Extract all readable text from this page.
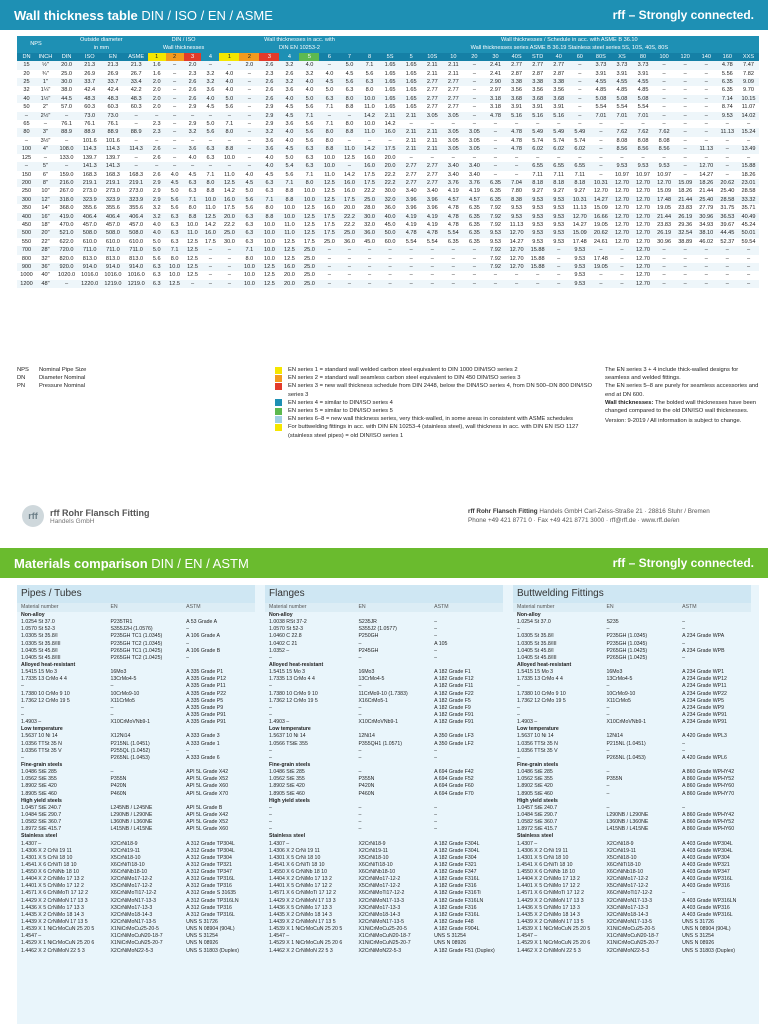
Wall thickness table DIN / ISO / EN / ASME	rff – Strongly connected.
NPS		Outside diameter
in mm				DIN / ISO
Wall thicknesses				Wall thicknesses in acc. with
DIN EN 10253-2								Wall thicknesses / Schedule in acc. with ASME B 36.10
Wall thicknesses series ASME B 36.19 Stainless steel series 5S, 10S, 40S, 80S																	

DN	INCH	DIN	ISO	EN	ASME	1	2	3	4	1	2	3	4	5	6	7	8	5S	5	10S	10	20	30	40S	STD	40	60	80S	XS	80	100	120	140	160	XXS
15	½"	20.0	21.3	21.3	21.3	1.6	–	2.0	–	–	2.0	2.6	3.2	4.0	–	5.0	7.1	1.65	1.65	2.11	2.11	–	2.41	2.77	2.77	2.77	–	3.73	3.73	3.73	–	–	–	4.78	7.47
20	¾"	25.0	26.9	26.9	26.7	1.6	–	2.3	3.2	4.0	–	2.3	2.6	3.2	4.0	4.5	5.6	1.65	1.65	2.11	2.11	–	2.41	2.87	2.87	2.87	–	3.91	3.91	3.91	–	–	–	5.56	7.82
25	1"	30.0	33.7	33.7	33.4	2.0	–	2.6	3.2	4.0	–	2.6	3.2	4.0	4.5	5.6	6.3	1.65	1.65	2.77	2.77	–	2.90	3.38	3.38	3.38	–	4.55	4.55	4.55	–	–	–	6.35	9.09
32	1¼"	38.0	42.4	42.4	42.2	2.0	–	2.6	3.6	4.0	–	2.6	3.6	4.0	5.0	6.3	8.0	1.65	1.65	2.77	2.77	–	2.97	3.56	3.56	3.56	–	4.85	4.85	4.85	–	–	–	6.35	9.70
40	1½"	44.5	48.3	48.3	48.3	2.0	–	2.6	4.0	5.0	–	2.6	4.0	5.0	6.3	8.0	10.0	1.65	1.65	2.77	2.77	–	3.18	3.68	3.68	3.68	–	5.08	5.08	5.08	–	–	–	7.14	10.15
50	2"	57.0	60.3	60.3	60.3	2.0	–	2.9	4.5	5.6	–	2.9	4.5	5.6	7.1	8.8	11.0	1.65	1.65	2.77	2.77	–	3.18	3.91	3.91	3.91	–	5.54	5.54	5.54	–	–	–	8.74	11.07
–	2½"	–	73.0	73.0	–	–	–	–	–	–	–	2.9	4.5	7.1	–	–	14.2	2.11	2.11	3.05	3.05	–	4.78	5.16	5.16	5.16	–	7.01	7.01	7.01	–	–	–	9.53	14.02
65	–	76.1	76.1	76.1	–	2.3	–	2.9	5.0	7.1	–	2.9	3.6	5.6	7.1	8.0	10.0	14.2	–	–	–	–	–	–	–	–	–	–	–	–	–	–	–	–	–
80	3"	88.9	88.9	88.9	88.9	2.3	–	3.2	5.6	8.0	–	3.2	4.0	5.6	8.0	8.8	11.0	16.0	2.11	2.11	3.05	3.05	–	4.78	5.49	5.49	5.49	–	7.62	7.62	7.62	–	–	11.13	15.24
–	3½"	–	101.6	101.6	–	–	–	–	–	–	–	3.6	4.0	5.6	8.0	–	–	–	2.11	2.11	3.05	3.05	–	4.78	5.74	5.74	5.74	–	8.08	8.08	8.08	–	–	–	–
100	4"	108.0	114.3	114.3	114.3	2.6	–	3.6	6.3	8.8	–	3.6	4.5	6.3	8.8	11.0	14.2	17.5	2.11	2.11	3.05	3.05	–	4.78	6.02	6.02	6.02	–	8.56	8.56	8.56	–	11.13	–	13.49
125	–	133.0	139.7	139.7	–	2.6	–	4.0	6.3	10.0	–	4.0	5.0	6.3	10.0	12.5	16.0	20.0	–	–	–	–	–	–	–	–	–	–	–	–	–	–	–	–	–
–	5"	–	141.3	141.3	–	–	–	–	–	–	–	4.0	5.4	6.3	10.0	–	16.0	20.0	2.77	2.77	3.40	3.40	–	–	6.55	6.55	6.55	–	9.53	9.53	9.53	–	12.70	–	15.88
150	6"	159.0	168.3	168.3	168.3	2.6	4.0	4.5	7.1	11.0	4.0	4.5	5.6	7.1	11.0	14.2	17.5	22.2	2.77	2.77	3.40	3.40	–	–	7.11	7.11	7.11	–	10.97	10.97	10.97	–	14.27	–	18.26
200	8"	216.0	219.1	219.1	219.1	2.9	4.5	6.3	8.0	12.5	4.5	6.3	7.1	8.0	12.5	16.0	17.5	22.2	2.77	2.77	3.76	3.76	6.35	7.04	8.18	8.18	8.18	10.31	12.70	12.70	12.70	15.09	18.26	20.62	23.01
250	10"	267.0	273.0	273.0	273.0	2.9	5.0	6.3	8.8	14.2	5.0	6.3	8.8	10.0	12.5	16.0	22.2	30.0	3.40	3.40	4.19	4.19	6.35	7.80	9.27	9.27	9.27	12.70	12.70	12.70	15.09	18.26	21.44	25.40	28.58
300	12"	318.0	323.9	323.9	323.9	2.9	5.6	7.1	10.0	16.0	5.6	7.1	8.8	10.0	12.5	17.5	25.0	32.0	3.96	3.96	4.57	4.57	6.35	8.38	9.53	9.53	10.31	14.27	12.70	12.70	17.48	21.44	25.40	28.58	33.32
350	14"	368.0	355.6	355.6	355.6	3.2	5.6	8.0	11.0	17.5	5.6	8.0	10.0	12.5	16.0	20.0	28.0	36.0	3.96	3.96	4.78	6.35	7.92	9.53	9.53	9.53	11.13	15.09	12.70	12.70	19.05	23.83	27.79	31.75	35.71
400	16"	419.0	406.4	406.4	406.4	3.2	6.3	8.8	12.5	20.0	6.3	8.8	10.0	12.5	17.5	22.2	30.0	40.0	4.19	4.19	4.78	6.35	7.92	9.53	9.53	9.53	12.70	16.66	12.70	12.70	21.44	26.19	30.96	36.53	40.49
450	18"	470.0	457.0	457.0	457.0	4.0	6.3	10.0	14.2	22.2	6.3	10.0	11.0	12.5	17.5	22.2	32.0	45.0	4.19	4.19	4.78	6.35	7.92	11.13	9.53	9.53	14.27	19.05	12.70	12.70	23.83	29.36	34.93	39.67	45.24
500	20"	521.0	508.0	508.0	508.0	4.0	6.3	11.0	16.0	25.0	6.3	10.0	11.0	12.5	17.5	25.0	36.0	50.0	4.78	4.78	5.54	6.35	9.53	12.70	9.53	9.53	15.09	20.62	12.70	12.70	26.19	32.54	38.10	44.45	50.01
550	22"	622.0	610.0	610.0	610.0	5.0	6.3	12.5	17.5	30.0	6.3	10.0	12.5	17.5	25.0	36.0	45.0	60.0	5.54	5.54	6.35	6.35	9.53	14.27	9.53	9.53	17.48	24.61	12.70	12.70	30.96	38.89	46.02	52.37	59.54
700	28"	720.0	711.0	711.0	711.0	5.0	7.1	12.5	–	–	7.1	10.0	12.5	25.0	–	–	–	–	–	–	–	–	7.92	12.70	15.88	–	9.53	–	–	12.70	–	–	–	–	–
800	32"	820.0	813.0	813.0	813.0	5.6	8.0	12.5	–	–	8.0	10.0	12.5	25.0	–	–	–	–	–	–	–	–	7.92	12.70	15.88	–	9.53	17.48	–	12.70	–	–	–	–	–
900	36"	920.0	914.0	914.0	914.0	6.3	10.0	12.5	–	–	10.0	12.5	16.0	25.0	–	–	–	–	–	–	–	–	7.92	12.70	15.88	–	9.53	19.05	–	12.70	–	–	–	–	–
1000	40"	1020.0	1016.0	1016.0	1016.0	6.3	10.0	12.5	–	–	10.0	12.5	20.0	25.0	–	–	–	–	–	–	–	–	–	–	–	–	9.53	–	–	12.70	–	–	–	–	–
1200	48"	–	1220.0	1219.0	1219.0	6.3	12.5	–	–	–	10.0	12.5	20.0	25.0	–	–	–	–	–	–	–	–	–	–	–	–	9.53	–	–	12.70	–	–	–	–	–
NPS Nominal Pipe Size
DN Diameter Nominal
PN Pressure Nominal
EN series 1 = standard wall welded carbon steel equivalent to DIN 1000 DIN/ISO series 2
EN series 2 = standard wall seamless carbon steel equivalent to DIN 450 DIN/ISO series 3
EN series 3 = new wall thickness schedule from DIN 2448, below the DIN/ISO series 4, from DN 500–DN 800 DIN/ISO series 3
EN series 4 = similar to DIN/ISO series 4
EN series 5 = similar to DIN/ISO series 5
EN series 6–8 = new wall thickness series, very thick-walled, in some areas in consistent with ASME schedules
For buttwelding fittings in acc. with DIN EN 10253-4 (stainless steel), wall thickness in acc. with DIN EN ISO 1127 (stainless steel pipes) = old DIN/ISO series 1
The EN series 3 + 4 include thick-walled designs for seamless and welded fittings.
The EN series 5–8 are purely for seamless accessories and end at DN 600.
Wall thicknesses: The bolded wall thicknesses have been changed compared to the old DIN/ISO wall thicknesses.
Version: 9-2019 / All information is subject to change.
rff	rff Rohr Flansch Fitting
Handels GmbH
rff Rohr Flansch Fitting Handels GmbH Carl-Zeiss-Straße 21 · 28816 Stuhr / Bremen
Phone +49 421 8771 0 · Fax +49 421 8771 3000 · rff@rff.de · www.rff.de/en
Materials comparison DIN / EN / ASTM	rff – Strongly connected.
Pipes / Tubes
Material number	EN	ASTM
Non-alloy
1.0254 St 37.0	P235TR1	A 53 Grade A
1.0570 St 52-3	S355J2H (1.0576)	–
1.0305 St 35.8/I	P235GH TC1 (1.0345)	A 106 Grade A
1.0305 St 35.8/III	P235GH TC2 (1.0345)	–
1.0405 St 45.8/I	P265GH TC1 (1.0425)	A 106 Grade B
1.0405 St 45.8/III	P265GH TC2 (1.0425)	–
Alloyed heat-resistant
1.5415 15 Mo 3	16Mo3	A 335 Grade P1
1.7335 13 CrMo 4 4	13CrMo4-5	A 335 Grade P12
–	–	A 335 Grade P11
1.7380 10 CrMo 9 10	10CrMo9-10	A 335 Grade P22
1.7362 12 CrMo 19 5	X11CrMo5	A 335 Grade P5
–	–	A 335 Grade P9
–	–	A 335 Grade P91
1.4903 –	X10CrMoVNb9-1	A 335 Grade P91
Low temperature
1.5637 10 Ni 14	X12Ni14	A 333 Grade 3
1.0356 TTSt 35 N	P215NL (1.0451)	A 333 Grade 1
1.0356 TTSt 35 V	P255QL (1.0452)	–
–	P265NL (1.0453)	A 333 Grade 6
Fine-grain steels
1.0486 StE 285	–	API 5L Grade X42
1.0562 StE 355	P355N	API 5L Grade X52
1.8902 StE 420	P420N	API 5L Grade X60
1.8905 StE 460	P460N	API 5L Grade X70
High yield steels
1.0457 StE 240.7	L245NB / L245NE	API 5L Grade B
1.0484 StE 290.7	L290NB / L290NE	API 5L Grade X42
1.0582 StE 360.7	L360NB / L360NE	API 5L Grade X52
1.8972 StE 415.7	L415NB / L415NE	API 5L Grade X60
Stainless steel
1.4307 –	X2CrNi18-9	A 312 Grade TP304L
1.4306 X 2 CrNi 19 11	X2CrNi19-11	A 312 Grade TP304L
1.4301 X 5 CrNi 18 10	X5CrNi18-10	A 312 Grade TP304
1.4541 X 6 CrNiTi 18 10	X6CrNiTi18-10	A 312 Grade TP321
1.4550 X 6 CrNiNb 18 10	X6CrNiNb18-10	A 312 Grade TP347
1.4404 X 2 CrNiMo 17 13 2	X2CrNiMo17-12-2	A 312 Grade TP316L
1.4401 X 5 CrNiMo 17 12 2	X5CrNiMo17-12-2	A 312 Grade TP316
1.4571 X 6 CrNiMoTi 17 12 2	X6CrNiMoTi17-12-2	A 312 Grade S 31635
1.4429 X 2 CrNiMoN 17 13 3	X2CrNiMoN17-13-3	A 312 Grade TP316LN
1.4436 X 5 CrNiMo 17 13 3	X3CrNiMo17-13-3	A 312 Grade TP316
1.4435 X 2 CrNiMo 18 14 3	X2CrNiMo18-14-3	A 312 Grade TP316L
1.4439 X 2 CrNiMoN 17 13 5	X2CrNiMoN17-13-5	UNS S 31726
1.4539 X 1 NiCrMoCuN 25 20 5	X1NiCrMoCu25-20-5	UNS N 08904 (904L)
1.4547 –	X1CrNiMoCuN20-18-7	UNS S 31254
1.4529 X 1 NiCrMoCuN 25 20 6	X1NiCrMoCuN25-20-7	UNS N 08926
1.4462 X 2 CrNiMoN 22 5 3	X2CrNiMoN22-5-3	UNS S 31803 (Duplex)
Flanges
Material number	EN	ASTM
Non-alloy
1.0038 RSt 37-2	S235JR	–
1.0570 St 52-3	S355J2 (1.0577)	–
1.0460 C 22.8	P250GH	–
1.0402 C 21	–	A 105
1.0352 –	P245GH	–
–	–	–
Alloyed heat-resistant
1.5415 15 Mo 3	16Mo3	A 182 Grade F1
1.7335 13 CrMo 4 4	13CrMo4-5	A 182 Grade F12
–	–	A 182 Grade F11
1.7380 10 CrMo 9 10	11CrMo9-10 (1.7383)	A 182 Grade F22
1.7362 12 CrMo 19 5	X16CrMo5-1	A 182 Grade F5
–	–	A 182 Grade F9
–	–	A 182 Grade F91
1.4903 –	X10CrMoVNb9-1	A 182 Grade F91
Low temperature
1.5637 10 Ni 14	12Ni14	A 350 Grade LF3
1.0566 TStE 355	P355QH1 (1.0571)	A 350 Grade LF2
–	–	–
–	–	–
Fine-grain steels
1.0486 StE 285	–	A 694 Grade F42
1.0562 StE 355	P355N	A 694 Grade F52
1.8902 StE 420	P420N	A 694 Grade F60
1.8905 StE 460	P460N	A 694 Grade F70
High yield steels
–	–	–
–	–	–
–	–	–
–	–	–
Stainless steel
1.4307 –	X2CrNi18-9	A 182 Grade F304L
1.4306 X 2 CrNi 19 11	X2CrNi19-11	A 182 Grade F304L
1.4301 X 5 CrNi 18 10	X5CrNi18-10	A 182 Grade F304
1.4541 X 6 CrNiTi 18 10	X6CrNiTi18-10	A 182 Grade F321
1.4550 X 6 CrNiNb 18 10	X6CrNiNb18-10	A 182 Grade F347
1.4404 X 2 CrNiMo 17 13 2	X2CrNiMo17-12-2	A 182 Grade F316L
1.4401 X 5 CrNiMo 17 12 2	X5CrNiMo17-12-2	A 182 Grade F316
1.4571 X 6 CrNiMoTi 17 12 2	X6CrNiMoTi17-12-2	A 182 Grade F316Ti
1.4429 X 2 CrNiMoN 17 13 3	X2CrNiMoN17-13-3	A 182 Grade F316LN
1.4436 X 5 CrNiMo 17 13 3	X3CrNiMo17-13-3	A 182 Grade F316
1.4435 X 2 CrNiMo 18 14 3	X2CrNiMo18-14-3	A 182 Grade F316L
1.4439 X 2 CrNiMoN 17 13 5	X2CrNiMoN17-13-5	A 182 Grade F48
1.4539 X 1 NiCrMoCuN 25 20 5	X1NiCrMoCu25-20-5	A 182 Grade F904L
1.4547 –	X1CrNiMoCuN20-18-7	UNS S 31254
1.4529 X 1 NiCrMoCuN 25 20 6	X1NiCrMoCuN25-20-7	UNS N 08926
1.4462 X 2 CrNiMoN 22 5 3	X2CrNiMoN22-5-3	A 182 Grade F51 (Duplex)
Buttwelding Fittings
Material number	EN	ASTM
Non-alloy
1.0254 St 37.0	S235	–
–	–	–
1.0305 St 35.8/I	P235GH (1.0345)	A 234 Grade WPA
1.0305 St 35.8/III	P235GH (1.0345)	–
1.0405 St 45.8/I	P265GH (1.0425)	A 234 Grade WPB
1.0405 St 45.8/III	P265GH (1.0425)	–
Alloyed heat-resistant
1.5415 15 Mo 3	16Mo3	A 234 Grade WP1
1.7335 13 CrMo 4 4	13CrMo4-5	A 234 Grade WP12
–	–	A 234 Grade WP11
1.7380 10 CrMo 9 10	10CrMo9-10	A 234 Grade WP22
1.7362 12 CrMo 19 5	X11CrMo5	A 234 Grade WP5
–	–	A 234 Grade WP9
–	–	A 234 Grade WP91
1.4903 –	X10CrMoVNb9-1	A 234 Grade WP91
Low temperature
1.5637 10 Ni 14	12Ni14	A 420 Grade WPL3
1.0356 TTSt 35 N	P215NL (1.0451)	–
1.0356 TTSt 35 V	–	–
–	P265NL (1.0453)	A 420 Grade WPL6
Fine-grain steels
1.0486 StE 285	–	A 860 Grade WPHY42
1.0562 StE 355	P355N	A 860 Grade WPHY52
1.8902 StE 420	–	A 860 Grade WPHY60
1.8905 StE 460	–	A 860 Grade WPHY70
High yield steels
1.0457 StE 240.7	–	–
1.0484 StE 290.7	L290NB / L290NE	A 860 Grade WPHY42
1.0582 StE 360.7	L360NB / L360NE	A 860 Grade WPHY52
1.8972 StE 415.7	L415NB / L415NE	A 860 Grade WPHY60
Stainless steel
1.4307 –	X2CrNi18-9	A 403 Grade WP304L
1.4306 X 2 CrNi 19 11	X2CrNi19-11	A 403 Grade WP304L
1.4301 X 5 CrNi 18 10	X5CrNi18-10	A 403 Grade WP304
1.4541 X 6 CrNiTi 18 10	X6CrNiTi18-10	A 403 Grade WP321
1.4550 X 6 CrNiNb 18 10	X6CrNiNb18-10	A 403 Grade WP347
1.4404 X 2 CrNiMo 17 13 2	X2CrNiMo17-12-2	A 403 Grade WP316L
1.4401 X 5 CrNiMo 17 12 2	X5CrNiMo17-12-2	A 403 Grade WP316
1.4571 X 6 CrNiMoTi 17 12 2	X6CrNiMoTi17-12-2	–
1.4429 X 2 CrNiMoN 17 13 3	X2CrNiMoN17-13-3	A 403 Grade WP316LN
1.4436 X 5 CrNiMo 17 13 3	X3CrNiMo17-13-3	A 403 Grade WP316
1.4435 X 2 CrNiMo 18 14 3	X2CrNiMo18-14-3	A 403 Grade WP316L
1.4439 X 2 CrNiMoN 17 13 5	X2CrNiMoN17-13-5	UNS S 31726
1.4539 X 1 NiCrMoCuN 25 20 5	X1NiCrMoCu25-20-5	UNS N 08904 (904L)
1.4547 –	X1CrNiMoCuN20-18-7	UNS S 31254
1.4529 X 1 NiCrMoCuN 25 20 6	X1NiCrMoCuN25-20-7	UNS N 08926
1.4462 X 2 CrNiMoN 22 5 3	X2CrNiMoN22-5-3	UNS S 31803 (Duplex)
